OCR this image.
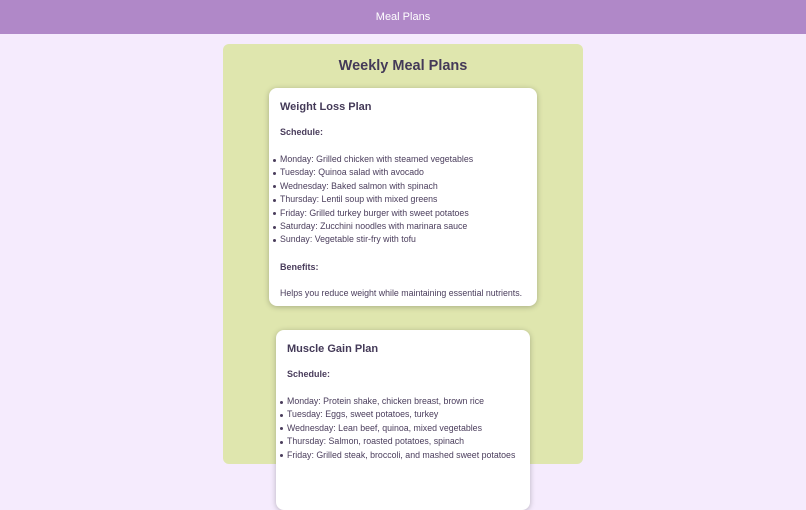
Meal Plans
Weekly Meal Plans
Weight Loss Plan
Schedule:
Monday: Grilled chicken with steamed vegetables
Tuesday: Quinoa salad with avocado
Wednesday: Baked salmon with spinach
Thursday: Lentil soup with mixed greens
Friday: Grilled turkey burger with sweet potatoes
Saturday: Zucchini noodles with marinara sauce
Sunday: Vegetable stir-fry with tofu
Benefits:

Helps you reduce weight while maintaining essential nutrients.

Muscle Gain Plan
Schedule:
Monday: Protein shake, chicken breast, brown rice
Tuesday: Eggs, sweet potatoes, turkey
Wednesday: Lean beef, quinoa, mixed vegetables
Thursday: Salmon, roasted potatoes, spinach
Friday: Grilled steak, broccoli, and mashed sweet potatoes
